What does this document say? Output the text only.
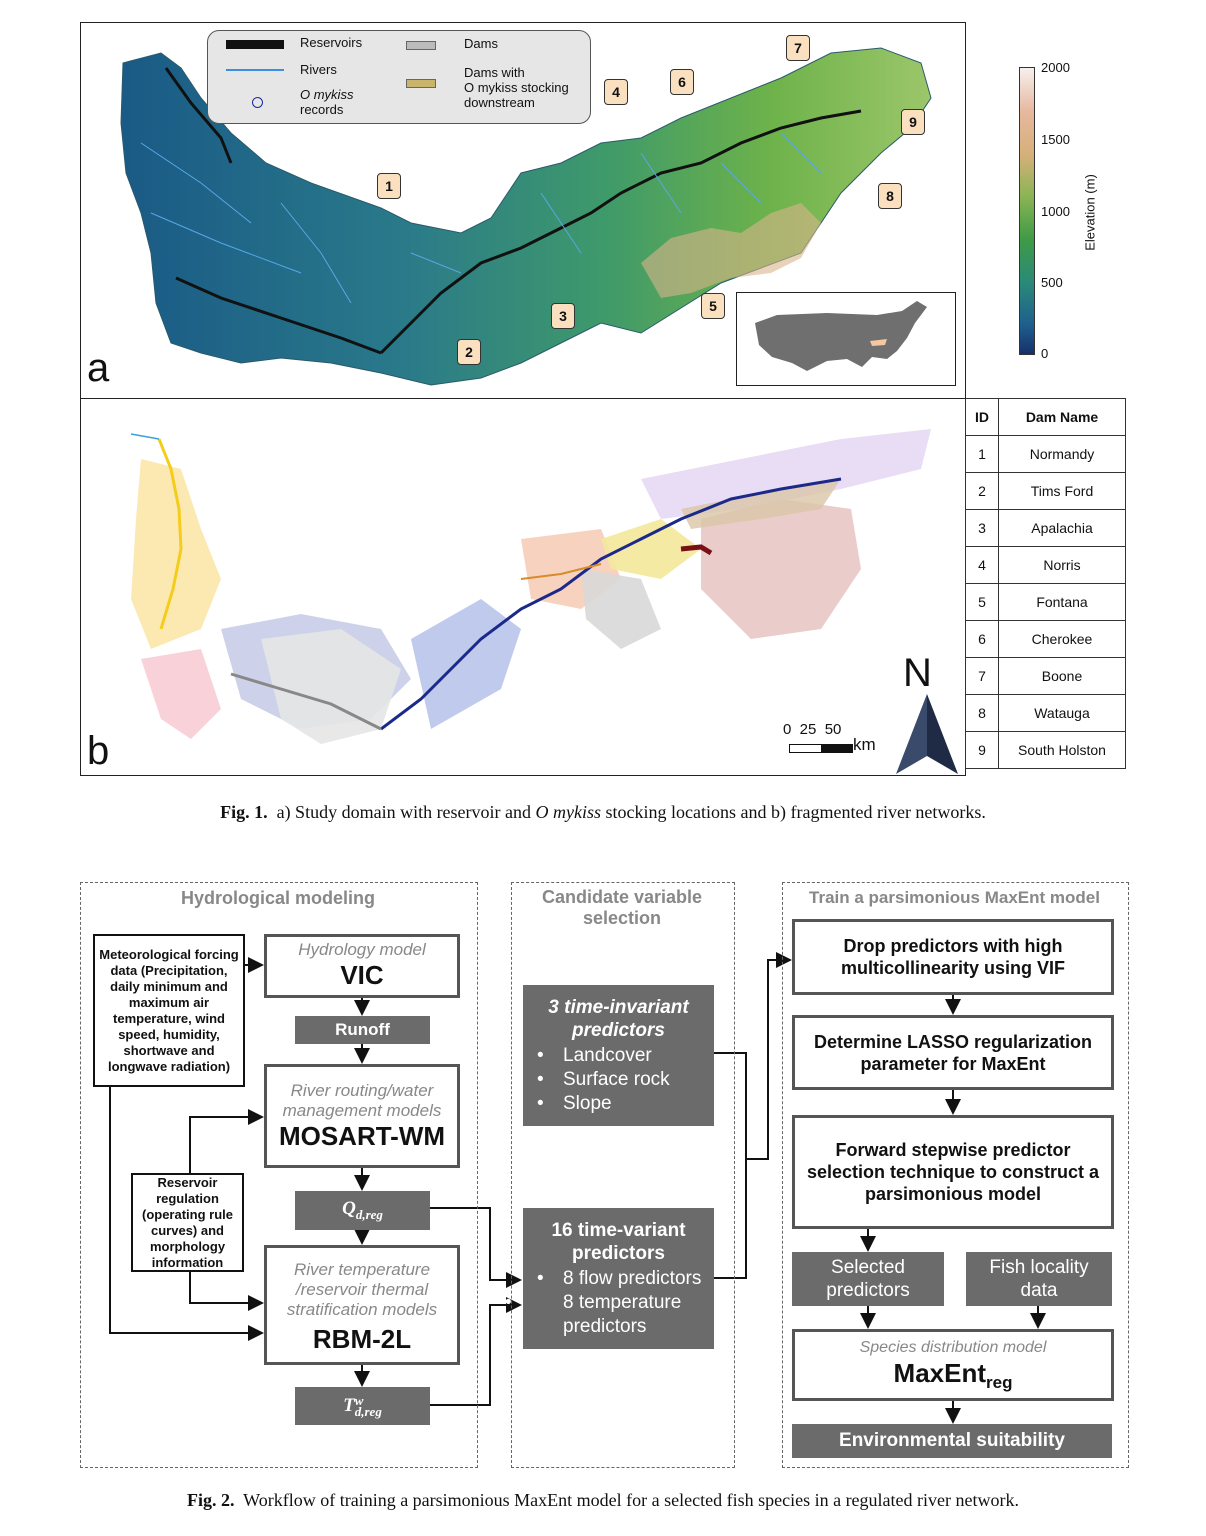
Reservoirs
Rivers
O mykiss
records
Dams
Dams with
O mykiss stocking
downstream
1
2
3
4
5
6
7
8
9
a
2000
1500
1000
500
0
Elevation (m)
N
0  25  50
km
b
ID	Dam Name
1	Normandy
2	Tims Ford
3	Apalachia
4	Norris
5	Fontana
6	Cherokee
7	Boone
8	Watauga
9	South Holston
Fig. 1. a) Study domain with reservoir and O mykiss stocking locations and b) fragmented river networks.
Hydrological modeling
Meteorological forcing data (Precipitation, daily minimum and maximum air temperature, wind speed, humidity, shortwave and longwave radiation)
Hydrology model
VIC
Runoff
River routing/water management models
MOSART-WM
Reservoir regulation (operating rule curves) and morphology information
$Q_{d,reg}$
River temperature /reservoir thermal stratification models
RBM-2L
T w
d,reg
Candidate variable selection
3 time-invariant predictors
• Landcover
• Surface rock
• Slope
16 time-variant predictors
• 8 flow predictors
• 8 temperature predictors
Train a parsimonious MaxEnt model
Drop predictors with high multicollinearity using VIF
Determine LASSO regularization parameter for MaxEnt
Forward stepwise predictor selection technique to construct a parsimonious model
Selected predictors
Fish locality data
Species distribution model
MaxEnt$_{reg}$
Environmental suitability
Fig. 2. Workflow of training a parsimonious MaxEnt model for a selected fish species in a regulated river network.
